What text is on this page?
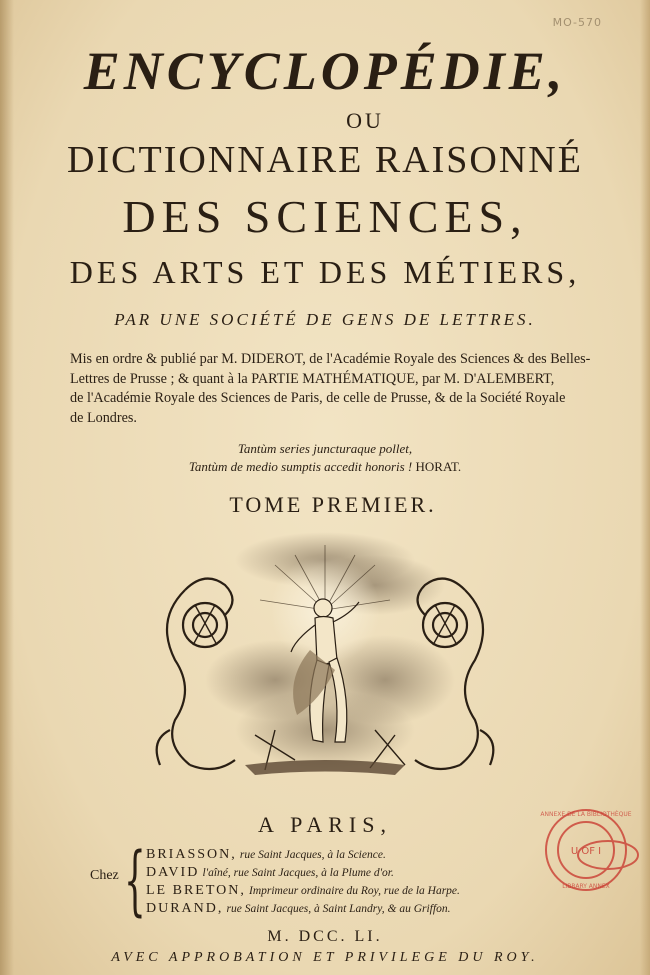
MO-570
ENCYCLOPÉDIE,
OU
DICTIONNAIRE RAISONNÉ
DES SCIENCES,
DES ARTS ET DES MÉTIERS,
PAR UNE SOCIÉTÉ DE GENS DE LETTRES.
Mis en ordre & publié par M. DIDEROT, de l'Académie Royale des Sciences & des Belles-
Lettres de Prusse ; & quant à la PARTIE MATHÉMATIQUE, par M. D'ALEMBERT,
de l'Académie Royale des Sciences de Paris, de celle de Prusse, & de la Société Royale
de Londres.
Tantùm series juncturaque pollet,
Tantùm de medio sumptis accedit honoris ! HORAT.
TOME PREMIER.
A PARIS,
Chez { BRIASSON, rue Saint Jacques, à la Science.
DAVID l'aîné, rue Saint Jacques, à la Plume d'or.
LE BRETON, Imprimeur ordinaire du Roy, rue de la Harpe.
DURAND, rue Saint Jacques, à Saint Landry, & au Griffon.
U OF I
ANNEXE DE LA BIBLIOTHÈQUE
LIBRARY ANNEX
M. DCC. LI.
AVEC APPROBATION ET PRIVILEGE DU ROY.
